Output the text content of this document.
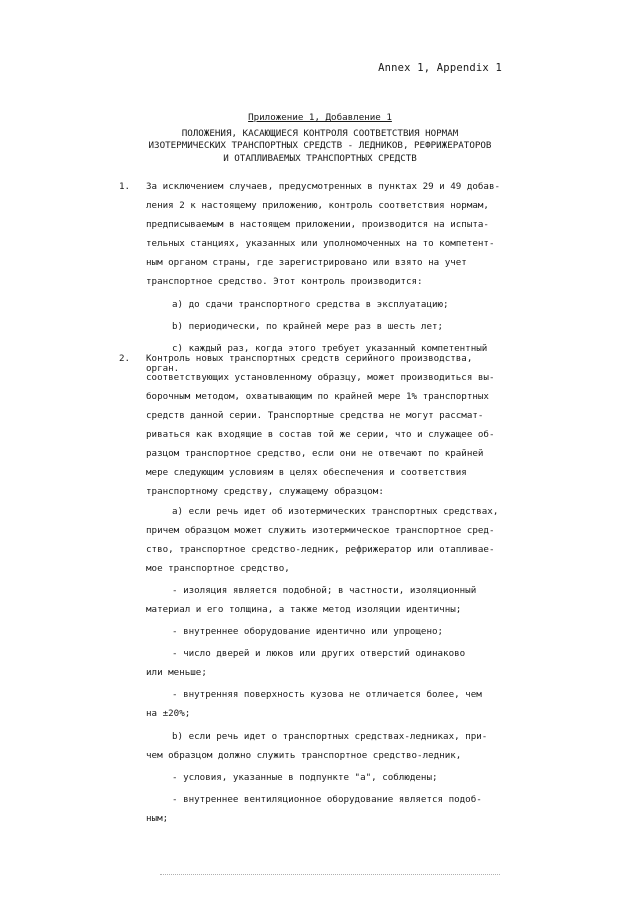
Annex 1, Appendix 1
Приложение 1, Добавление 1
ПОЛОЖЕНИЯ, КАСАЮЩИЕСЯ КОНТРОЛЯ СООТВЕТСТВИЯ НОРМАМ
ИЗОТЕРМИЧЕСКИХ ТРАНСПОРТНЫХ СРЕДСТВ - ЛЕДНИКОВ, РЕФРИЖЕРАТОРОВ
И ОТАПЛИВАЕМЫХ ТРАНСПОРТНЫХ СРЕДСТВ
1. За исключением случаев, предусмотренных в пунктах 29 и 49 добав-
ления 2 к настоящему приложению, контроль соответствия нормам,
предписываемым в настоящем приложении, производится на испыта-
тельных станциях, указанных или уполномоченных на то компетент-
ным органом страны, где зарегистрировано или взято на учет
транспортное средство. Этот контроль производится:
а) до сдачи транспортного средства в эксплуатацию;
b) периодически, по крайней мере раз в шесть лет;
с) каждый раз, когда этого требует указанный компетентный
орган.
2. Контроль новых транспортных средств серийного производства,
соответствующих установленному образцу, может производиться вы-
борочным методом, охватывающим по крайней мере 1% транспортных
средств данной серии. Транспортные средства не могут рассмат-
риваться как входящие в состав той же серии, что и служащее об-
разцом транспортное средство, если они не отвечают по крайней
мере следующим условиям в целях обеспечения и соответствия
транспортному средству, служащему образцом:
а) если речь идет об изотермических транспортных средствах,
причем образцом может служить изотермическое транспортное сред-
ство, транспортное средство-ледник, рефрижератор или отапливае-
мое транспортное средство,
- изоляция является подобной; в частности, изоляционный
материал и его толщина, а также метод изоляции идентичны;
- внутреннее оборудование идентично или упрощено;
- число дверей и люков или других отверстий одинаково
или меньше;
- внутренняя поверхность кузова не отличается более, чем
на ±20%;
b) если речь идет о транспортных средствах-ледниках, при-
чем образцом должно служить транспортное средство-ледник,
- условия, указанные в подпункте "а", соблюдены;
- внутреннее вентиляционное оборудование является подоб-
ным;
